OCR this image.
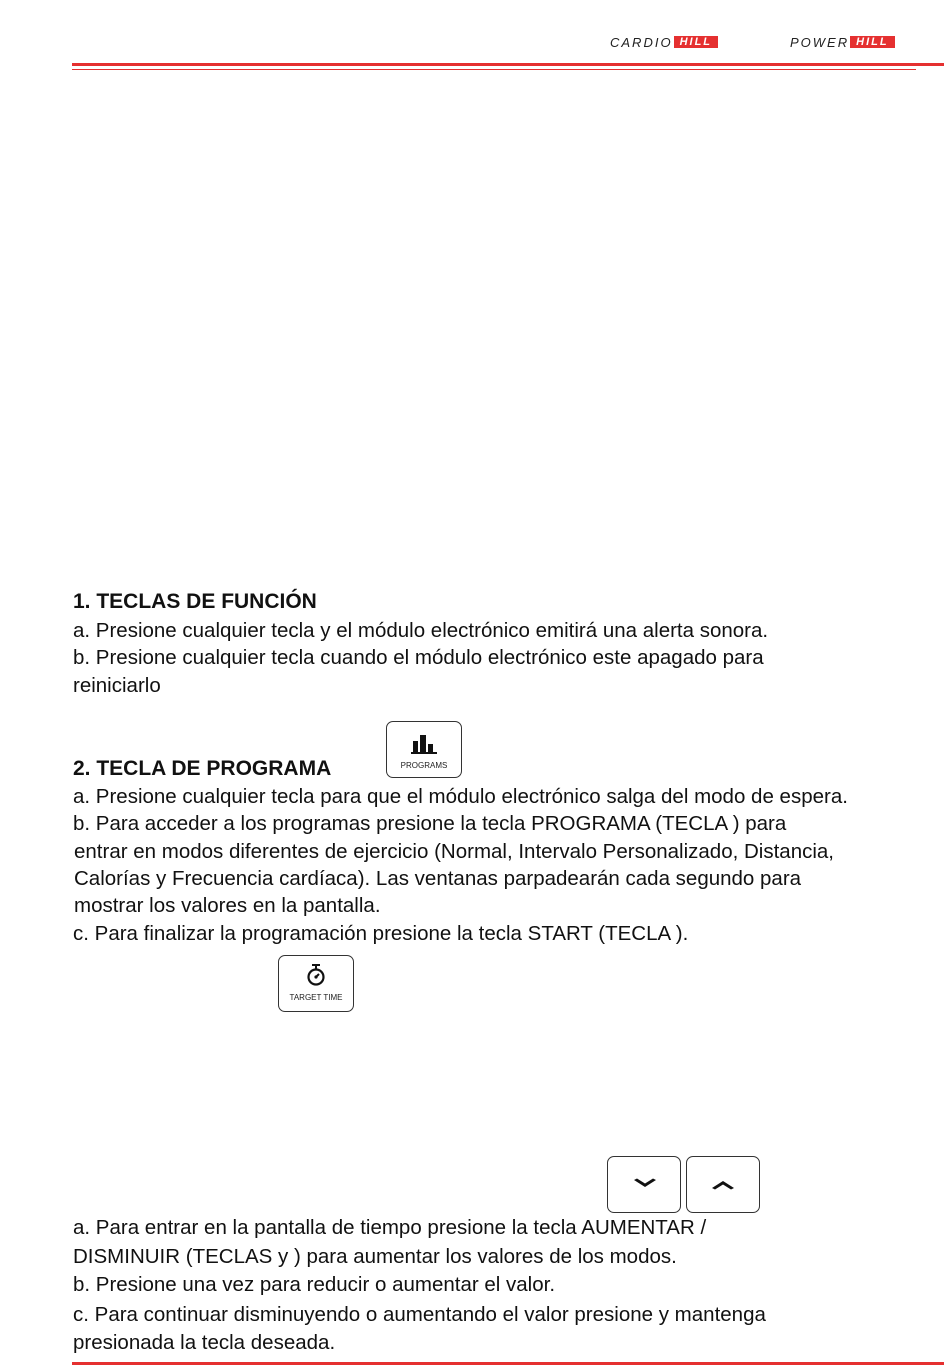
CARDIO HILL	POWER HILL
1. TECLAS DE FUNCIÓN
a. Presione cualquier tecla y el módulo electrónico emitirá una alerta sonora.
b. Presione cualquier tecla cuando el módulo electrónico este apagado para
reiniciarlo
PROGRAMS
2. TECLA DE PROGRAMA
a. Presione cualquier tecla para que el módulo electrónico salga del modo de espera.
b. Para acceder a los programas presione la tecla PROGRAMA (TECLA ) para
entrar en modos diferentes de ejercicio (Normal, Intervalo Personalizado, Distancia,
Calorías y Frecuencia cardíaca). Las ventanas parpadearán cada segundo para
mostrar los valores en la pantalla.
c. Para finalizar la programación presione la tecla START (TECLA ).
TARGET TIME
a. Para entrar en la pantalla de tiempo presione la tecla AUMENTAR /
DISMINUIR (TECLAS y ) para aumentar los valores de los modos.
b. Presione una vez para reducir o aumentar el valor.
c. Para continuar disminuyendo o aumentando el valor presione y mantenga
presionada la tecla deseada.
